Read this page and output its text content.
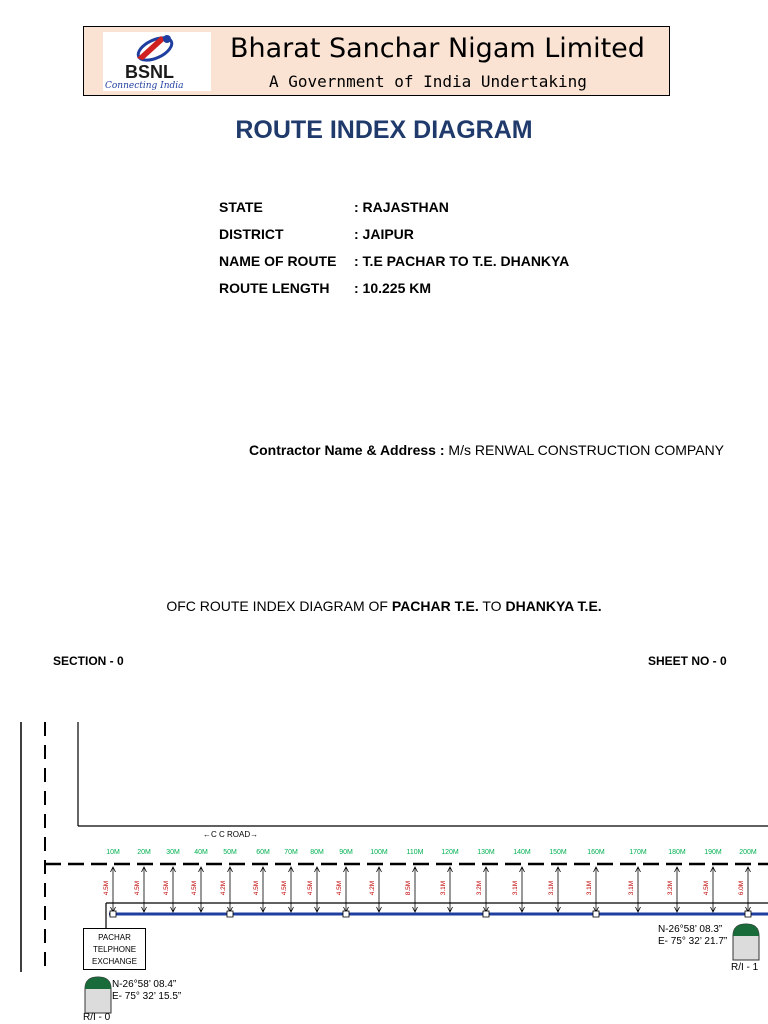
BSNL
Connecting India
Bharat Sanchar Nigam Limited
A Government of India Undertaking
ROUTE INDEX DIAGRAM
STATE	: RAJASTHAN
DISTRICT	: JAIPUR
NAME OF ROUTE : T.E PACHAR TO T.E. DHANKYA
ROUTE LENGTH : 10.225 KM
Contractor Name & Address : M/s RENWAL CONSTRUCTION COMPANY
OFC ROUTE INDEX DIAGRAM OF PACHAR T.E. TO DHANKYA T.E.
SECTION - 0	SHEET NO - 0
←C C ROAD→
10M 20M 30M 40M 50M	60M 70M 80M 90M 100M	110M	120M	130M	140M	150M	160M	170M	180M	190M 200M
4.5M	4.5M	4.5M	4.5M	4.2M	4.5M	4.5M	4.5M	4.5M	4.2M	8.5M	3.1M	3.2M	3.1M	3.1M	3.1M	3.1M	3.2M	4.5M	6.0M
PACHAR
TELPHONE
EXCHANGE
N-26°58’ 08.4”
E- 75° 32’ 15.5”
R/I - 0
N-26°58’ 08.3”
E- 75° 32’ 21.7”
R/I - 1
